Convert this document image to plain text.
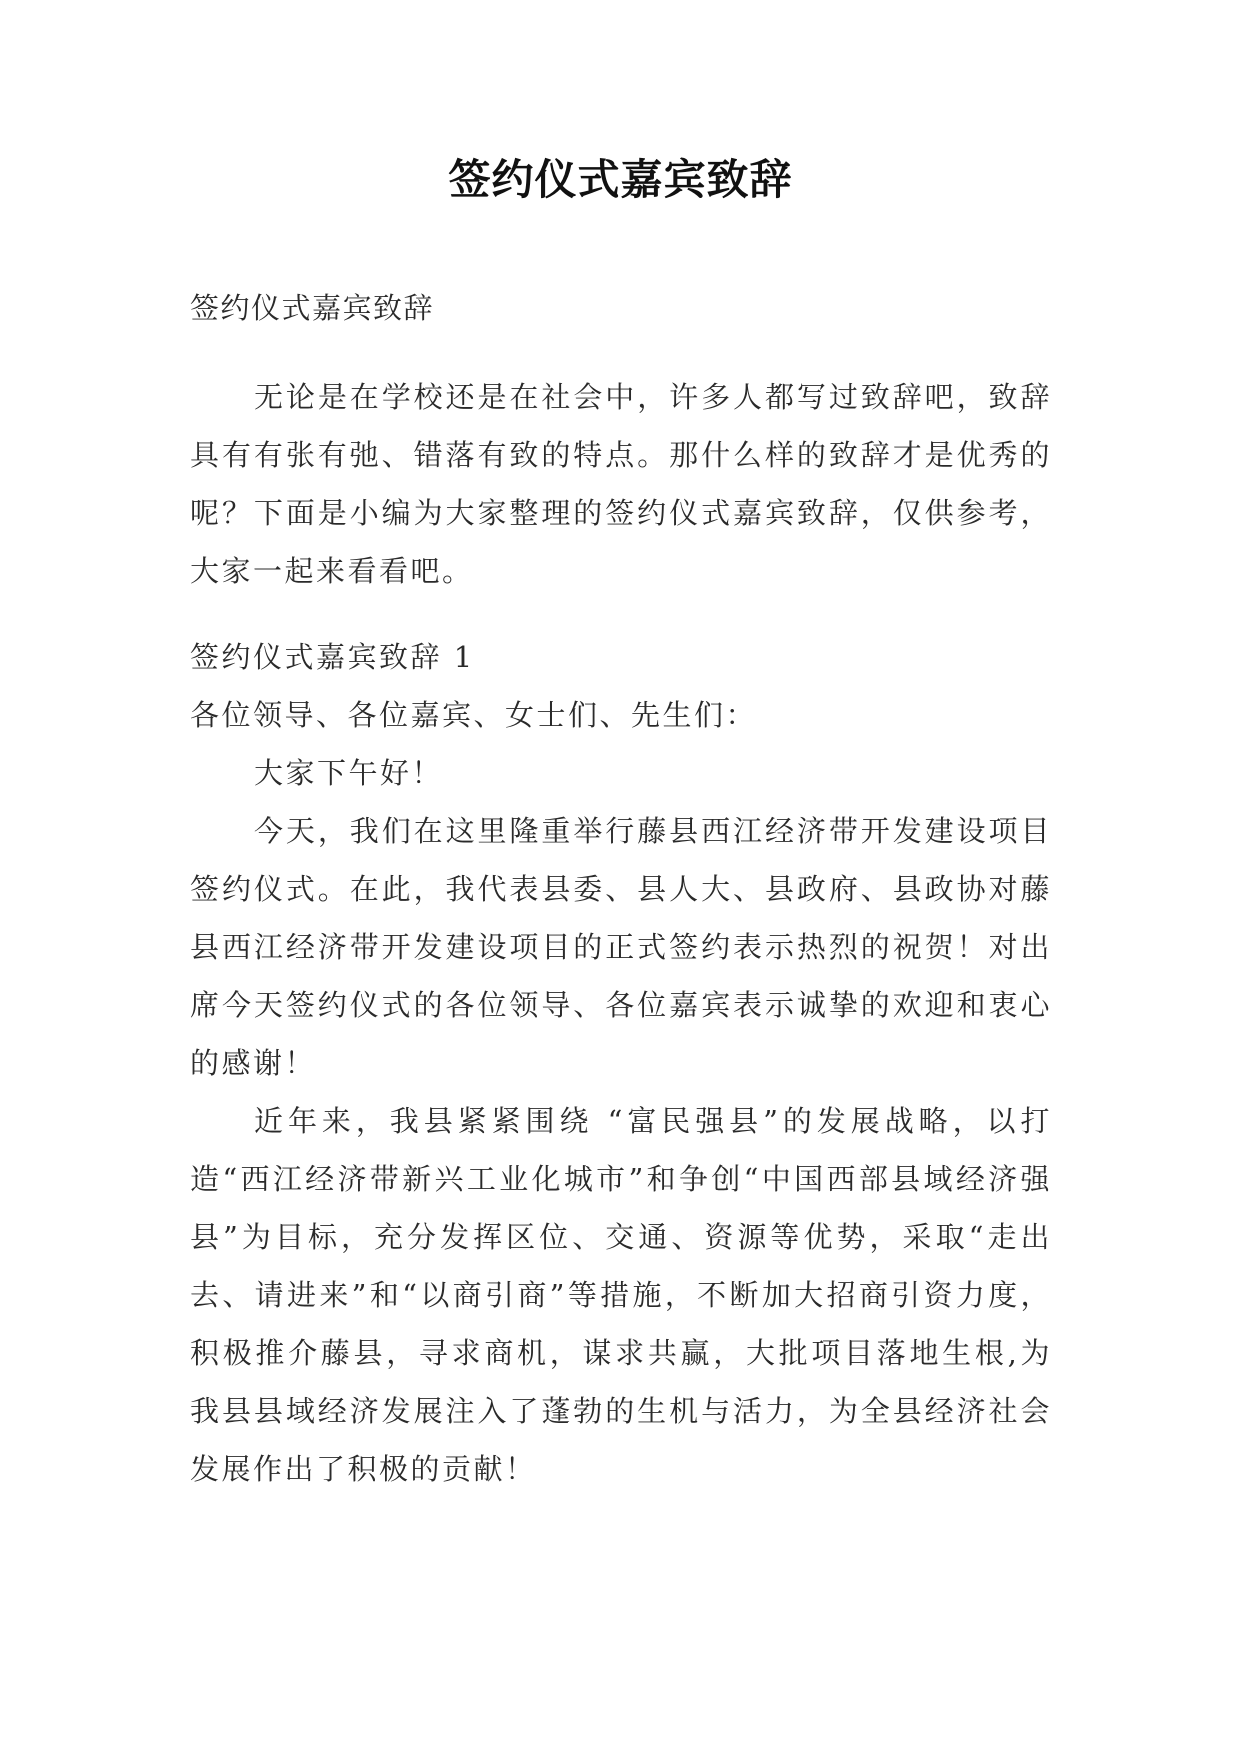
签约仪式嘉宾致辞
签约仪式嘉宾致辞

无论是在学校还是在社会中，许多人都写过致辞吧，致辞具有有张有弛、错落有致的特点。那什么样的致辞才是优秀的呢？下面是小编为大家整理的签约仪式嘉宾致辞，仅供参考，大家一起来看看吧。

签约仪式嘉宾致辞 1

各位领导、各位嘉宾、女士们、先生们：

大家下午好！

今天，我们在这里隆重举行藤县西江经济带开发建设项目签约仪式。在此，我代表县委、县人大、县政府、县政协对藤县西江经济带开发建设项目的正式签约表示热烈的祝贺！对出席今天签约仪式的各位领导、各位嘉宾表示诚挚的欢迎和衷心的感谢！

近年来，我县紧紧围绕 “富民强县”的发展战略，以打造“西江经济带新兴工业化城市”和争创“中国西部县域经济强县”为目标，充分发挥区位、交通、资源等优势，采取“走出去、请进来”和“以商引商”等措施，不断加大招商引资力度，积极推介藤县，寻求商机，谋求共赢，大批项目落地生根,为我县县域经济发展注入了蓬勃的生机与活力，为全县经济社会发展作出了积极的贡献！
